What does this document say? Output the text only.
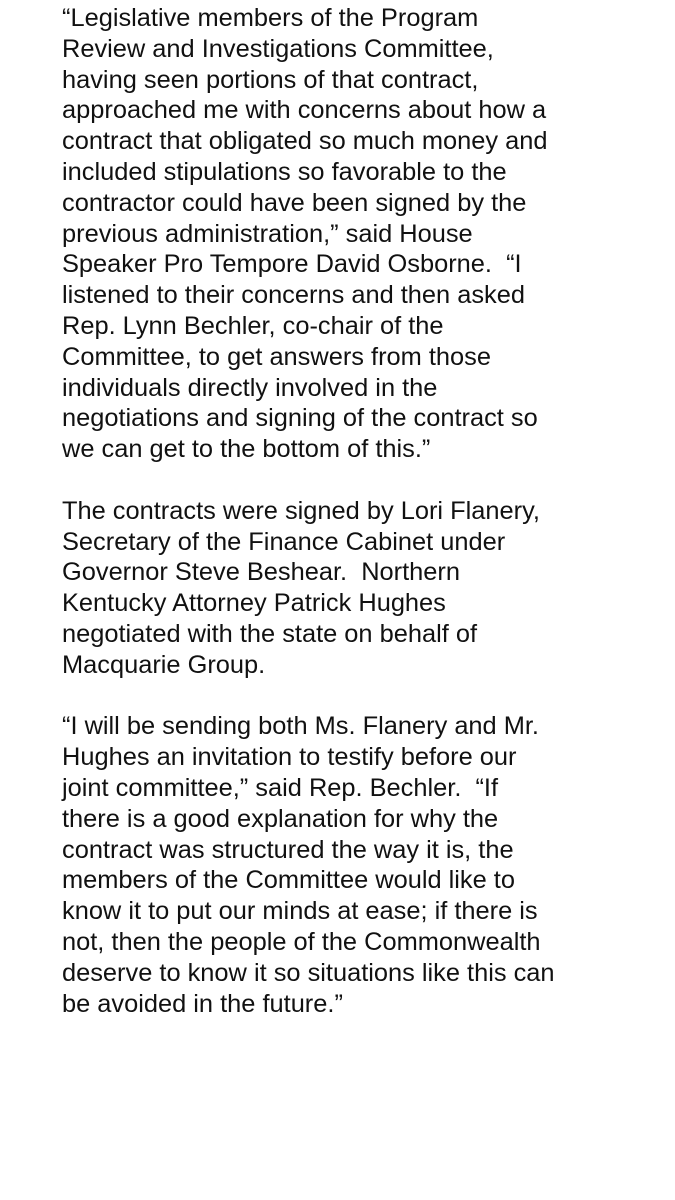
“Legislative members of the Program
Review and Investigations Committee,
having seen portions of that contract,
approached me with concerns about how a
contract that obligated so much money and
included stipulations so favorable to the
contractor could have been signed by the
previous administration,” said House
Speaker Pro Tempore David Osborne.  “I
listened to their concerns and then asked
Rep. Lynn Bechler, co-chair of the
Committee, to get answers from those
individuals directly involved in the
negotiations and signing of the contract so
we can get to the bottom of this.”
The contracts were signed by Lori Flanery,
Secretary of the Finance Cabinet under
Governor Steve Beshear.  Northern
Kentucky Attorney Patrick Hughes
negotiated with the state on behalf of
Macquarie Group.
“I will be sending both Ms. Flanery and Mr.
Hughes an invitation to testify before our
joint committee,” said Rep. Bechler.  “If
there is a good explanation for why the
contract was structured the way it is, the
members of the Committee would like to
know it to put our minds at ease; if there is
not, then the people of the Commonwealth
deserve to know it so situations like this can
be avoided in the future.”
